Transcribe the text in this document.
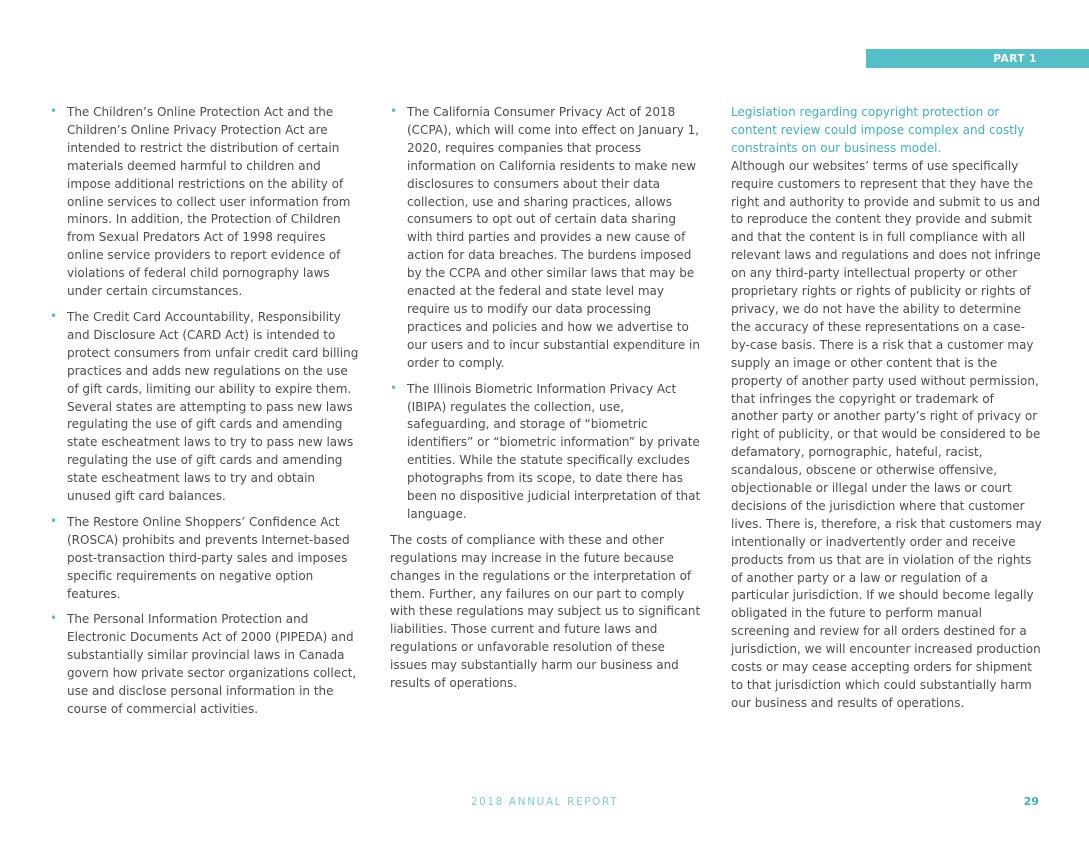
PART 1
• The Children’s Online Protection Act and the Children’s Online Privacy Protection Act are intended to restrict the distribution of certain materials deemed harmful to children and impose additional restrictions on the ability of online services to collect user information from minors. In addition, the Protection of Children from Sexual Predators Act of 1998 requires online service providers to report evidence of violations of federal child pornography laws under certain circumstances.
• The Credit Card Accountability, Responsibility and Disclosure Act (CARD Act) is intended to protect consumers from unfair credit card billing practices and adds new regulations on the use of gift cards, limiting our ability to expire them. Several states are attempting to pass new laws regulating the use of gift cards and amending state escheatment laws to try to pass new laws regulating the use of gift cards and amending state escheatment laws to try and obtain unused gift card balances.
• The Restore Online Shoppers’ Confidence Act (ROSCA) prohibits and prevents Internet-based post-transaction third-party sales and imposes specific requirements on negative option features.
• The Personal Information Protection and Electronic Documents Act of 2000 (PIPEDA) and substantially similar provincial laws in Canada govern how private sector organizations collect, use and disclose personal information in the course of commercial activities.
• The California Consumer Privacy Act of 2018 (CCPA), which will come into effect on January 1, 2020, requires companies that process information on California residents to make new disclosures to consumers about their data collection, use and sharing practices, allows consumers to opt out of certain data sharing with third parties and provides a new cause of action for data breaches. The burdens imposed by the CCPA and other similar laws that may be enacted at the federal and state level may require us to modify our data processing practices and policies and how we advertise to our users and to incur substantial expenditure in order to comply.
• The Illinois Biometric Information Privacy Act (IBIPA) regulates the collection, use, safeguarding, and storage of “biometric identifiers” or “biometric information” by private entities. While the statute specifically excludes photographs from its scope, to date there has been no dispositive judicial interpretation of that language.

The costs of compliance with these and other regulations may increase in the future because changes in the regulations or the interpretation of them. Further, any failures on our part to comply with these regulations may subject us to significant liabilities. Those current and future laws and regulations or unfavorable resolution of these issues may substantially harm our business and results of operations.

Legislation regarding copyright protection or content review could impose complex and costly constraints on our business model.

Although our websites’ terms of use specifically require customers to represent that they have the right and authority to provide and submit to us and to reproduce the content they provide and submit and that the content is in full compliance with all relevant laws and regulations and does not infringe on any third-party intellectual property or other proprietary rights or rights of publicity or rights of privacy, we do not have the ability to determine the accuracy of these representations on a case-by-case basis. There is a risk that a customer may supply an image or other content that is the property of another party used without permission, that infringes the copyright or trademark of another party or another party’s right of privacy or right of publicity, or that would be considered to be defamatory, pornographic, hateful, racist, scandalous, obscene or otherwise offensive, objectionable or illegal under the laws or court decisions of the jurisdiction where that customer lives. There is, therefore, a risk that customers may intentionally or inadvertently order and receive products from us that are in violation of the rights of another party or a law or regulation of a particular jurisdiction. If we should become legally obligated in the future to perform manual screening and review for all orders destined for a jurisdiction, we will encounter increased production costs or may cease accepting orders for shipment to that jurisdiction which could substantially harm our business and results of operations.

2018 ANNUAL REPORT	29
